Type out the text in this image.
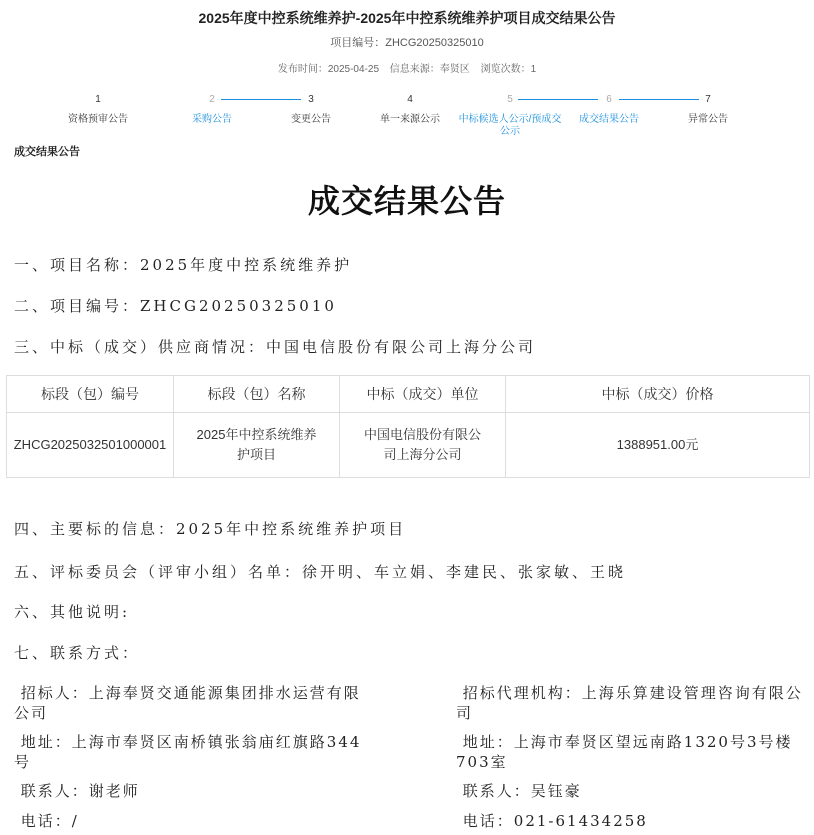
2025年度中控系统维养护-2025年中控系统维养护项目成交结果公告
项目编号：ZHCG20250325010
发布时间：2025-04-25 信息来源：奉贤区 浏览次数：1
1
资格预审公告
2
采购公告
3
变更公告
4
单一来源公示
5
中标候选人公示/预成交公示
6
成交结果公告
7
异常公告
成交结果公告
成交结果公告
一、项目名称：2025年度中控系统维养护
二、项目编号：ZHCG20250325010
三、中标（成交）供应商情况：中国电信股份有限公司上海分公司
标段（包）编号	标段（包）名称	中标（成交）单位	中标（成交）价格
ZHCG2025032501000001	2025年中控系统维养护项目	中国电信股份有限公司上海分公司	1388951.00元
四、主要标的信息：2025年中控系统维养护项目
五、评标委员会（评审小组）名单：徐开明、车立娟、李建民、张家敏、王晓
六、其他说明:
七、联系方式：
招标人：上海奉贤交通能源集团排水运营有限公司
地址：上海市奉贤区南桥镇张翁庙红旗路344号
联系人：谢老师
电话：/
招标代理机构：上海乐算建设管理咨询有限公司
地址：上海市奉贤区望远南路1320号3号楼703室
联系人：吴钰豪
电话：021-61434258
